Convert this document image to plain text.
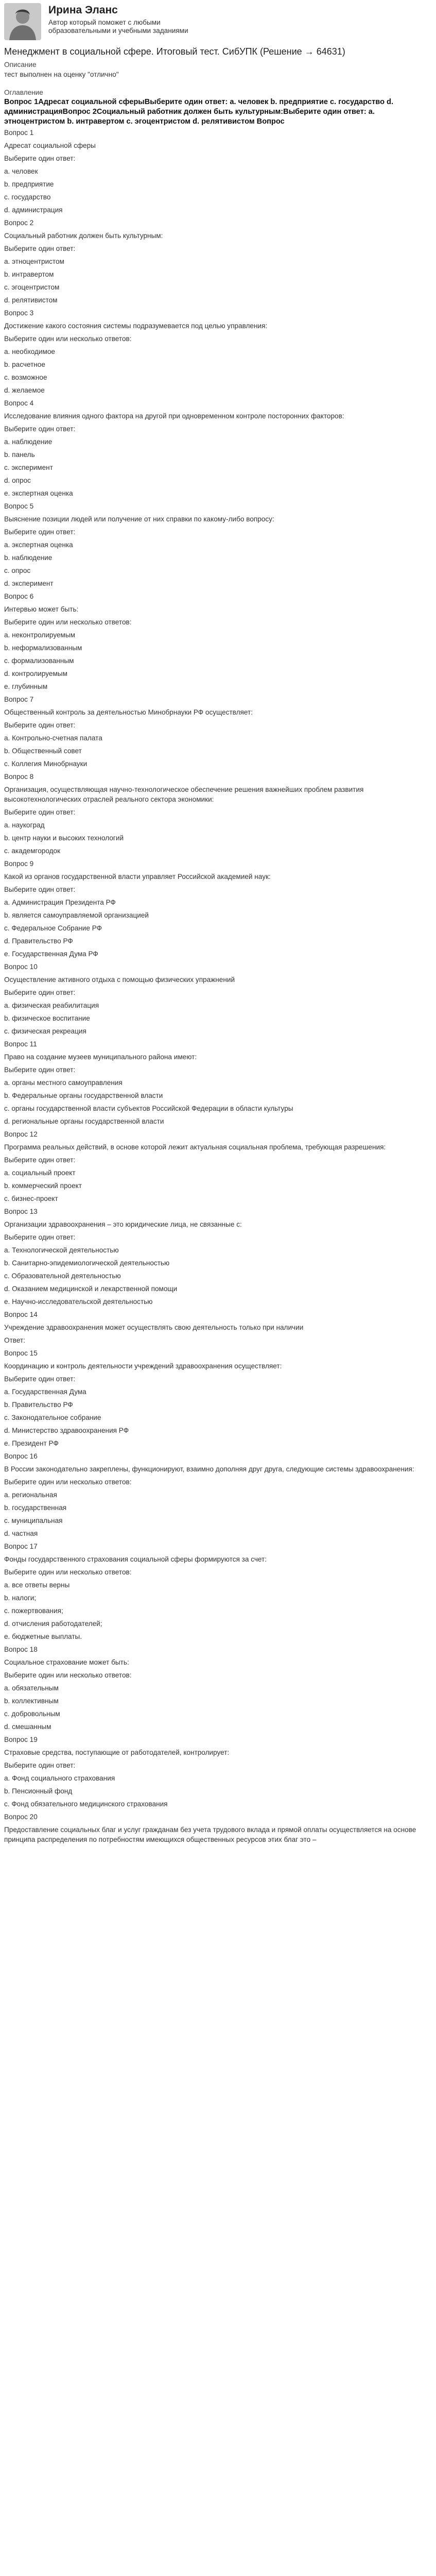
Ирина Эланс
Автор который поможет с любыми образовательными и учебными заданиями
Менеджмент в социальной сфере. Итоговый тест. СибУПК (Решение → 64631)
Описание
тест выполнен на оценку "отлично"
Оглавление
Вопрос 1Адресат социальной сферыВыберите один ответ: a. человек b. предприятие c. государство d. администрацияВопрос 2Социальный работник должен быть культурным:Выберите один ответ: a. этноцентристом b. интравертом c. эгоцентристом d. релятивистом Вопрос

Вопрос 1

Адресат социальной сферы

Выберите один ответ:

a. человек

b. предприятие

c. государство

d. администрация

Вопрос 2

Социальный работник должен быть культурным:

Выберите один ответ:

a. этноцентристом

b. интравертом

c. эгоцентристом

d. релятивистом

Вопрос 3

Достижение какого состояния системы подразумевается под целью управления:

Выберите один или несколько ответов:

a. необходимое

b. расчетное

c. возможное

d. желаемое

Вопрос 4

Исследование влияния одного фактора на другой при одновременном контроле посторонних факторов:

Выберите один ответ:

a. наблюдение

b. панель

c. эксперимент

d. опрос

e. экспертная оценка

Вопрос 5

Выяснение позиции людей или получение от них справки по какому-либо вопросу:

Выберите один ответ:

a. экспертная оценка

b. наблюдение

c. опрос

d. эксперимент

Вопрос 6

Интервью может быть:

Выберите один или несколько ответов:

a. неконтролируемым

b. неформализованным

c. формализованным

d. контролируемым

e. глубинным

Вопрос 7

Общественный контроль за деятельностью Минобрнауки РФ осуществляет:

Выберите один ответ:

a. Контрольно-счетная палата

b. Общественный совет

c. Коллегия Минобрнауки

Вопрос 8

Организация, осуществляющая научно-технологическое обеспечение решения важнейших проблем развития высокотехнологических отраслей реального сектора экономики:

Выберите один ответ:

a. наукоград

b. центр науки и высоких технологий

c. академгородок

Вопрос 9

Какой из органов государственной власти управляет Российской академией наук:

Выберите один ответ:

a. Администрация Президента РФ

b. является самоуправляемой организацией

c. Федеральное Собрание РФ

d. Правительство РФ

e. Государственная Дума РФ

Вопрос 10

Осуществление активного отдыха с помощью физических упражнений

Выберите один ответ:

a. физическая реабилитация

b. физическое воспитание

c. физическая рекреация

Вопрос 11

Право на создание музеев муниципального района имеют:

Выберите один ответ:

a. органы местного самоуправления

b. Федеральные органы государственной власти

c. органы государственной власти субъектов Российской Федерации в области культуры

d. региональные органы государственной власти

Вопрос 12

Программа реальных действий, в основе которой лежит актуальная социальная проблема, требующая разрешения:

Выберите один ответ:

a. социальный проект

b. коммерческий проект

c. бизнес-проект

Вопрос 13

Организации здравоохранения – это юридические лица, не связанные с:

Выберите один ответ:

a. Технологической деятельностью

b. Санитарно-эпидемиологической деятельностью

c. Образовательной деятельностью

d. Оказанием медицинской и лекарственной помощи

e. Научно-исследовательской деятельностью

Вопрос 14

Учреждение здравоохранения может осуществлять свою деятельность только при наличии

Ответ:

Вопрос 15

Координацию и контроль деятельности учреждений здравоохранения осуществляет:

Выберите один ответ:

a. Государственная Дума

b. Правительство РФ

c. Законодательное собрание

d. Министерство здравоохранения РФ

e. Президент РФ

Вопрос 16

В России законодательно закреплены, функционируют, взаимно дополняя друг друга, следующие системы здравоохранения:

Выберите один или несколько ответов:

a. региональная

b. государственная

c. муниципальная

d. частная

Вопрос 17

Фонды государственного страхования социальной сферы формируются за счет:

Выберите один или несколько ответов:

a. все ответы верны

b. налоги;

c. пожертвования;

d. отчисления работодателей;

e. бюджетные выплаты.

Вопрос 18

Социальное страхование может быть:

Выберите один или несколько ответов:

a. обязательным

b. коллективным

c. добровольным

d. смешанным

Вопрос 19

Страховые средства, поступающие от работодателей, контролирует:

Выберите один ответ:

a. Фонд социального страхования

b. Пенсионный фонд

c. Фонд обязательного медицинского страхования

Вопрос 20

Предоставление социальных благ и услуг гражданам без учета трудового вклада и прямой оплаты осуществляется на основе принципа распределения по потребностям имеющихся общественных ресурсов этих благ это –
